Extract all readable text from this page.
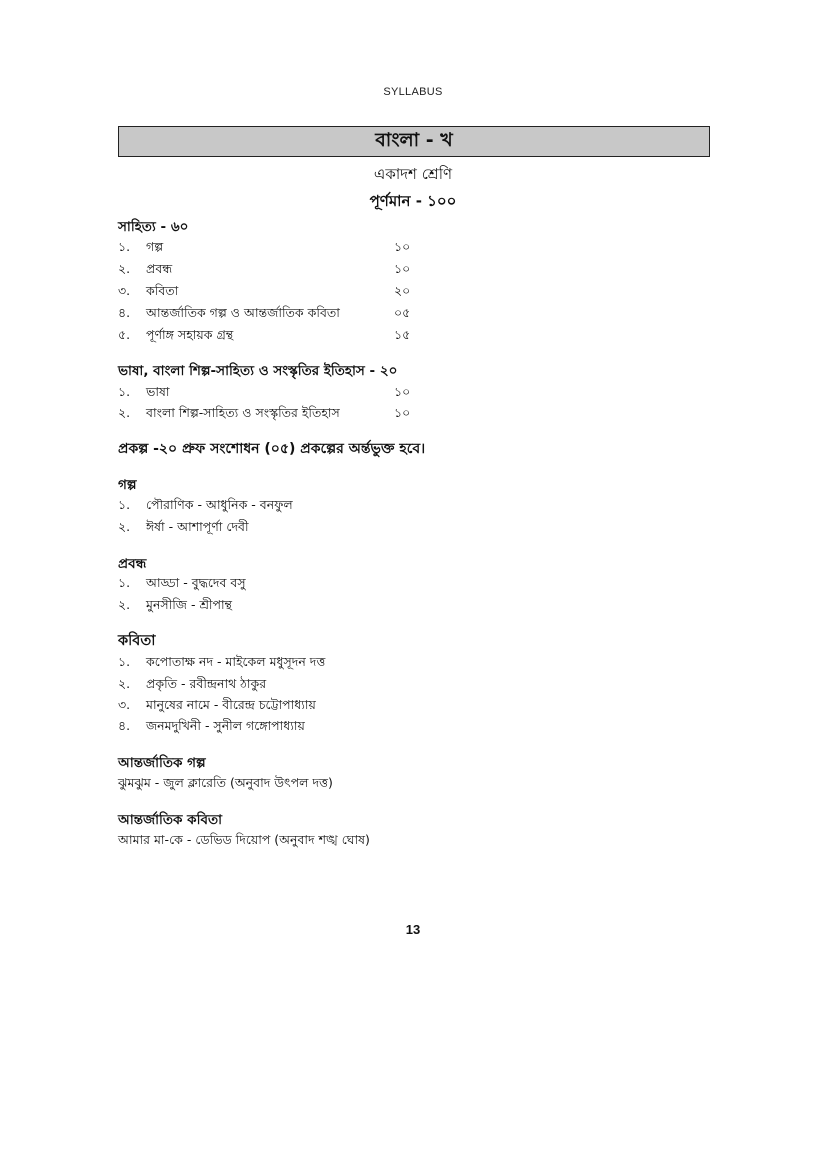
SYLLABUS
বাংলা - খ
একাদশ শ্রেণি
পূর্ণমান - ১০০
সাহিত্য - ৬০
১. গল্প	১০
২. প্রবন্ধ	১০
৩. কবিতা	২০
৪. আন্তর্জাতিক গল্প ও আন্তর্জাতিক কবিতা	০৫
৫. পূর্ণাঙ্গ সহায়ক গ্রন্থ	১৫
ভাষা, বাংলা শিল্প-সাহিত্য ও সংস্কৃতির ইতিহাস - ২০
১. ভাষা	১০
২. বাংলা শিল্প-সাহিত্য ও সংস্কৃতির ইতিহাস	১০
প্রকল্প -২০ প্রুফ সংশোধন (০৫) প্রকল্পের অর্ন্তভুক্ত হবে।
গল্প
১. পৌরাণিক - আধুনিক - বনফুল
২. ঈর্ষা - আশাপূর্ণা দেবী
প্রবন্ধ
১. আড্ডা - বুদ্ধদেব বসু
২. মুনসীজি - শ্রীপান্থ
কবিতা
১. কপোতাক্ষ নদ - মাইকেল মধুসূদন দত্ত
২. প্রকৃতি - রবীন্দ্রনাথ ঠাকুর
৩. মানুষের নামে - বীরেন্দ্র চট্টোপাধ্যায়
৪. জনমদুখিনী - সুনীল গঙ্গোপাধ্যায়
আন্তর্জাতিক গল্প
ঝুমঝুম - জুল ক্লারেতি (অনুবাদ উৎপল দত্ত)
আন্তর্জাতিক কবিতা
আমার মা-কে - ডেভিড দিয়োপ (অনুবাদ শঙ্খ ঘোষ)
13
